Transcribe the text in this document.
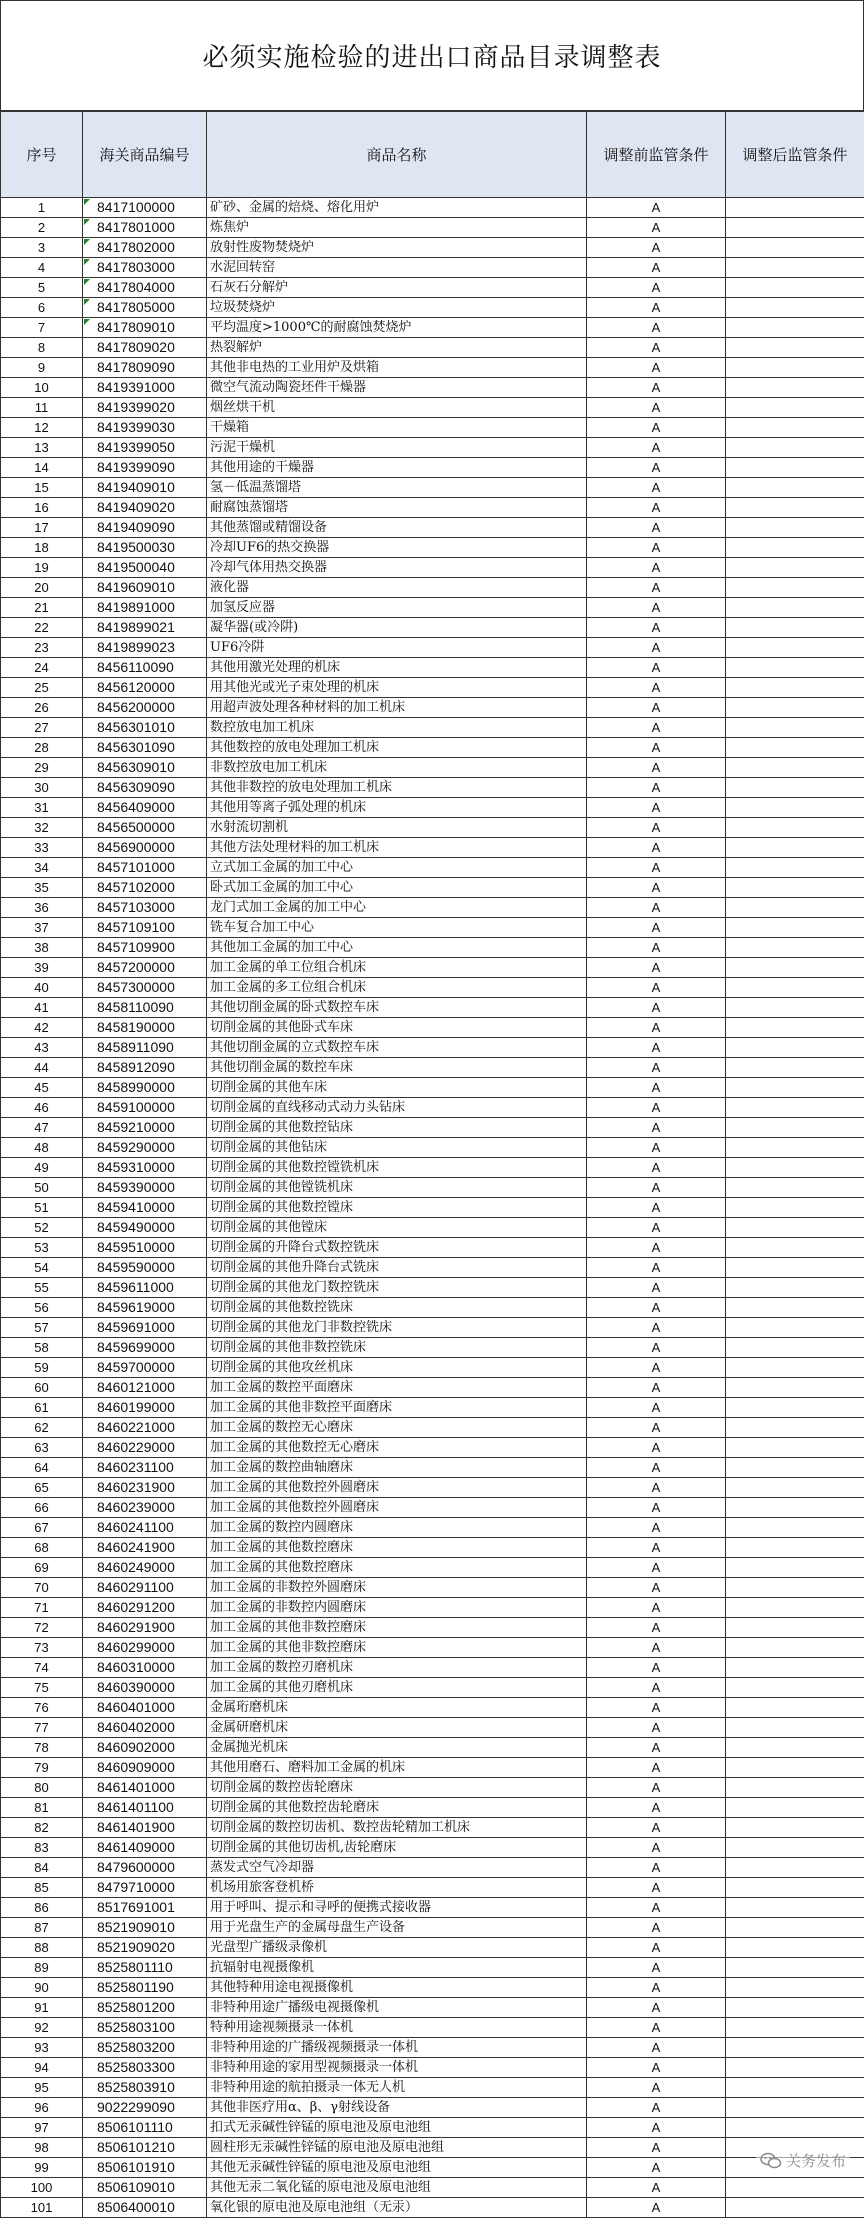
必须实施检验的进出口商品目录调整表
序号	海关商品编号	商品名称	调整前监管条件	调整后监管条件
1	8417100000	矿砂、金属的焙烧、熔化用炉	A	
2	8417801000	炼焦炉	A	
3	8417802000	放射性废物焚烧炉	A	
4	8417803000	水泥回转窑	A	
5	8417804000	石灰石分解炉	A	
6	8417805000	垃圾焚烧炉	A	
7	8417809010	平均温度>1000℃的耐腐蚀焚烧炉	A	
8	8417809020	热裂解炉	A	
9	8417809090	其他非电热的工业用炉及烘箱	A	
10	8419391000	微空气流动陶瓷坯件干燥器	A	
11	8419399020	烟丝烘干机	A	
12	8419399030	干燥箱	A	
13	8419399050	污泥干燥机	A	
14	8419399090	其他用途的干燥器	A	
15	8419409010	氢－低温蒸馏塔	A	
16	8419409020	耐腐蚀蒸馏塔	A	
17	8419409090	其他蒸馏或精馏设备	A	
18	8419500030	冷却UF6的热交换器	A	
19	8419500040	冷却气体用热交换器	A	
20	8419609010	液化器	A	
21	8419891000	加氢反应器	A	
22	8419899021	凝华器(或冷阱)	A	
23	8419899023	UF6冷阱	A	
24	8456110090	其他用激光处理的机床	A	
25	8456120000	用其他光或光子束处理的机床	A	
26	8456200000	用超声波处理各种材料的加工机床	A	
27	8456301010	数控放电加工机床	A	
28	8456301090	其他数控的放电处理加工机床	A	
29	8456309010	非数控放电加工机床	A	
30	8456309090	其他非数控的放电处理加工机床	A	
31	8456409000	其他用等离子弧处理的机床	A	
32	8456500000	水射流切割机	A	
33	8456900000	其他方法处理材料的加工机床	A	
34	8457101000	立式加工金属的加工中心	A	
35	8457102000	卧式加工金属的加工中心	A	
36	8457103000	龙门式加工金属的加工中心	A	
37	8457109100	铣车复合加工中心	A	
38	8457109900	其他加工金属的加工中心	A	
39	8457200000	加工金属的单工位组合机床	A	
40	8457300000	加工金属的多工位组合机床	A	
41	8458110090	其他切削金属的卧式数控车床	A	
42	8458190000	切削金属的其他卧式车床	A	
43	8458911090	其他切削金属的立式数控车床	A	
44	8458912090	其他切削金属的数控车床	A	
45	8458990000	切削金属的其他车床	A	
46	8459100000	切削金属的直线移动式动力头钻床	A	
47	8459210000	切削金属的其他数控钻床	A	
48	8459290000	切削金属的其他钻床	A	
49	8459310000	切削金属的其他数控镗铣机床	A	
50	8459390000	切削金属的其他镗铣机床	A	
51	8459410000	切削金属的其他数控镗床	A	
52	8459490000	切削金属的其他镗床	A	
53	8459510000	切削金属的升降台式数控铣床	A	
54	8459590000	切削金属的其他升降台式铣床	A	
55	8459611000	切削金属的其他龙门数控铣床	A	
56	8459619000	切削金属的其他数控铣床	A	
57	8459691000	切削金属的其他龙门非数控铣床	A	
58	8459699000	切削金属的其他非数控铣床	A	
59	8459700000	切削金属的其他攻丝机床	A	
60	8460121000	加工金属的数控平面磨床	A	
61	8460199000	加工金属的其他非数控平面磨床	A	
62	8460221000	加工金属的数控无心磨床	A	
63	8460229000	加工金属的其他数控无心磨床	A	
64	8460231100	加工金属的数控曲轴磨床	A	
65	8460231900	加工金属的其他数控外圆磨床	A	
66	8460239000	加工金属的其他数控外圆磨床	A	
67	8460241100	加工金属的数控内圆磨床	A	
68	8460241900	加工金属的其他数控磨床	A	
69	8460249000	加工金属的其他数控磨床	A	
70	8460291100	加工金属的非数控外圆磨床	A	
71	8460291200	加工金属的非数控内圆磨床	A	
72	8460291900	加工金属的其他非数控磨床	A	
73	8460299000	加工金属的其他非数控磨床	A	
74	8460310000	加工金属的数控刃磨机床	A	
75	8460390000	加工金属的其他刃磨机床	A	
76	8460401000	金属珩磨机床	A	
77	8460402000	金属研磨机床	A	
78	8460902000	金属抛光机床	A	
79	8460909000	其他用磨石、磨料加工金属的机床	A	
80	8461401000	切削金属的数控齿轮磨床	A	
81	8461401100	切削金属的其他数控齿轮磨床	A	
82	8461401900	切削金属的数控切齿机、数控齿轮精加工机床	A	
83	8461409000	切削金属的其他切齿机,齿轮磨床	A	
84	8479600000	蒸发式空气冷却器	A	
85	8479710000	机场用旅客登机桥	A	
86	8517691001	用于呼叫、提示和寻呼的便携式接收器	A	
87	8521909010	用于光盘生产的金属母盘生产设备	A	
88	8521909020	光盘型广播级录像机	A	
89	8525801110	抗辐射电视摄像机	A	
90	8525801190	其他特种用途电视摄像机	A	
91	8525801200	非特种用途广播级电视摄像机	A	
92	8525803100	特种用途视频摄录一体机	A	
93	8525803200	非特种用途的广播级视频摄录一体机	A	
94	8525803300	非特种用途的家用型视频摄录一体机	A	
95	8525803910	非特种用途的航拍摄录一体无人机	A	
96	9022299090	其他非医疗用α、β、γ射线设备	A	
97	8506101110	扣式无汞碱性锌锰的原电池及原电池组	A	
98	8506101210	圆柱形无汞碱性锌锰的原电池及原电池组	A	
99	8506101910	其他无汞碱性锌锰的原电池及原电池组	A	
100	8506109010	其他无汞二氧化锰的原电池及原电池组	A	
101	8506400010	氧化银的原电池及原电池组（无汞）	A	
关务发布
